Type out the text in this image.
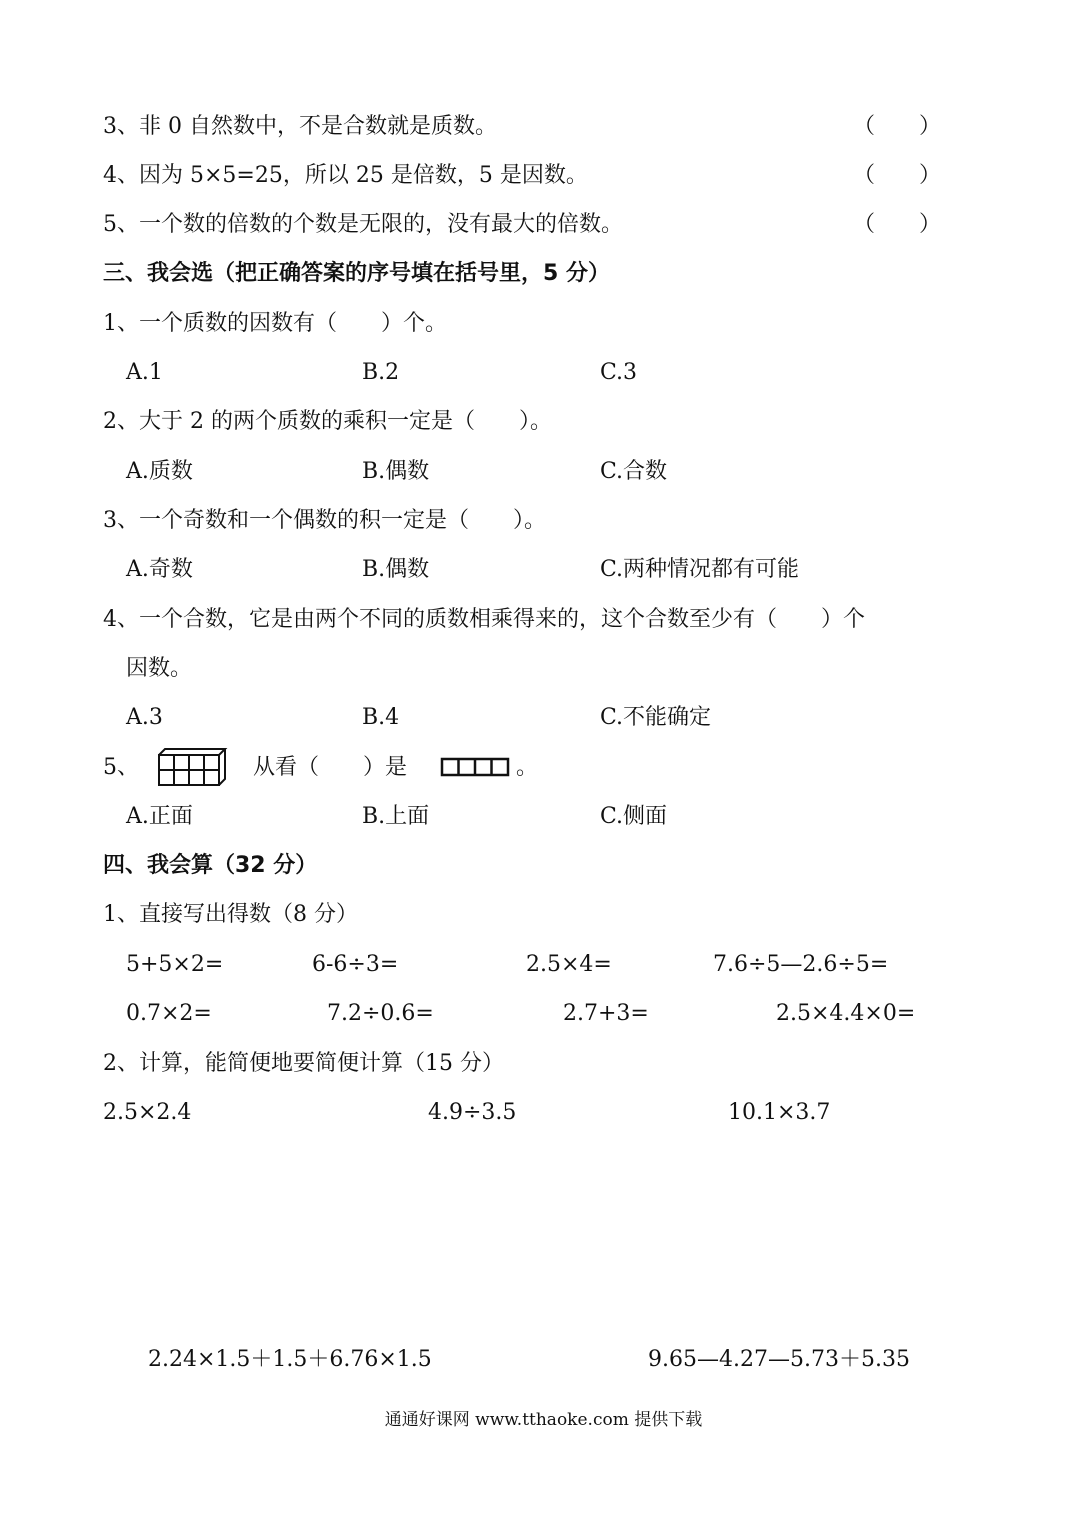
3、非 0 自然数中，不是合数就是质数。	（　　）
4、因为 5×5=25，所以 25 是倍数，5 是因数。	（　　）
5、一个数的倍数的个数是无限的，没有最大的倍数。	（　　）
三、我会选（把正确答案的序号填在括号里，5 分）
1、一个质数的因数有（　　）个。
A.1	B.2	C.3
2、大于 2 的两个质数的乘积一定是（　　）。
A.质数	B.偶数	C.合数
3、一个奇数和一个偶数的积一定是（　　）。
A.奇数	B.偶数	C.两种情况都有可能
4、一个合数，它是由两个不同的质数相乘得来的，这个合数至少有（　　）个
因数。
A.3	B.4	C.不能确定
5、	从看（　　）是	。
A.正面	B.上面	C.侧面
四、我会算（32 分）
1、直接写出得数（8 分）
5+5×2=	6-6÷3=	2.5×4=	7.6÷5—2.6÷5=
0.7×2=	7.2÷0.6=	2.7+3=	2.5×4.4×0=
2、计算，能简便地要简便计算（15 分）
2.5×2.4	4.9÷3.5	10.1×3.7
2.24×1.5＋1.5＋6.76×1.5	9.65—4.27—5.73＋5.35
通通好课网 www.tthaoke.com 提供下载
